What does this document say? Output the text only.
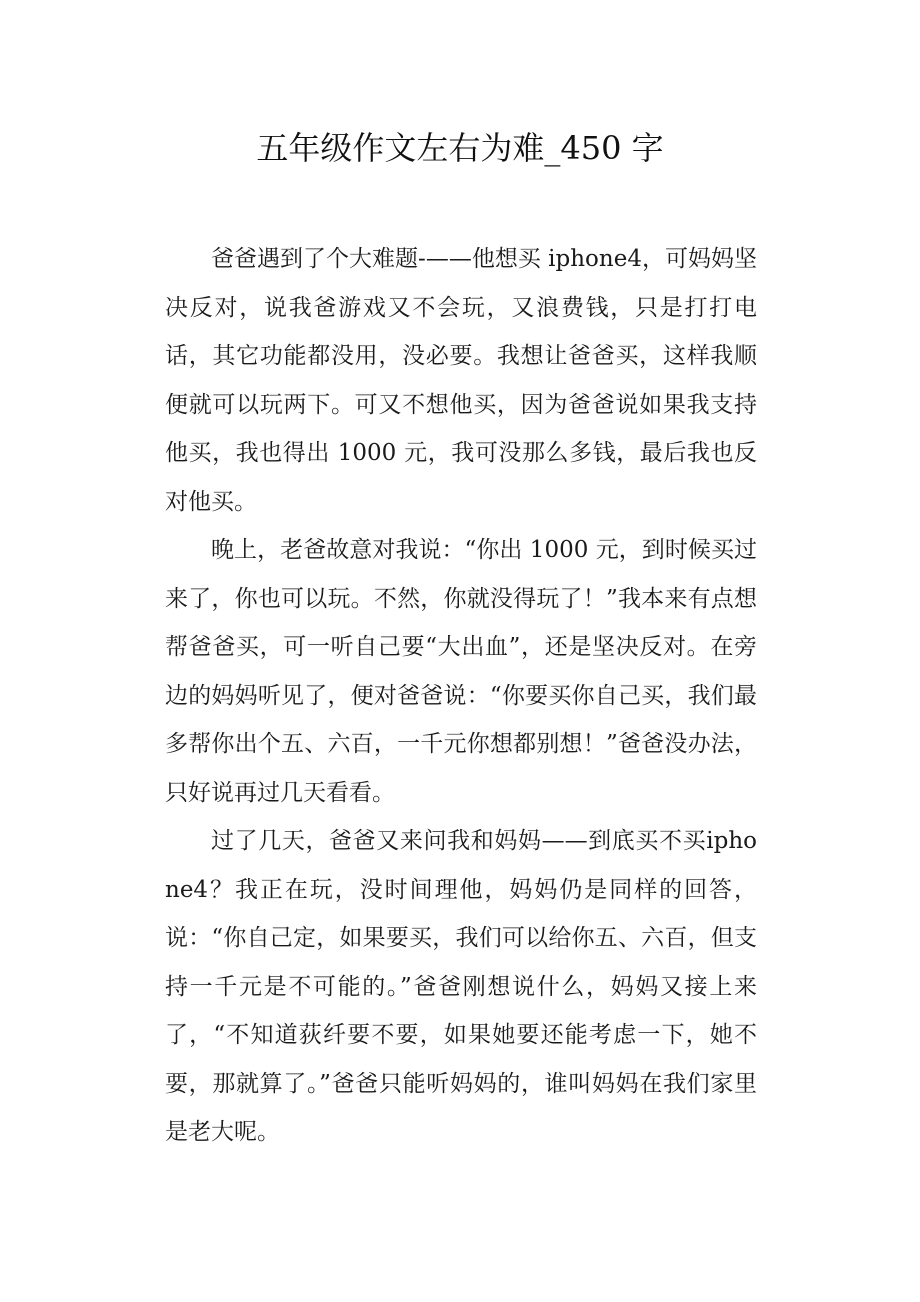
五年级作文左右为难_450 字

爸爸遇到了个大难题-——他想买 iphone4，可妈妈坚决反对，说我爸游戏又不会玩，又浪费钱，只是打打电话，其它功能都没用，没必要。我想让爸爸买，这样我顺便就可以玩两下。可又不想他买，因为爸爸说如果我支持他买，我也得出 1000 元，我可没那么多钱，最后我也反对他买。

晚上，老爸故意对我说：“你出 1000 元，到时候买过来了，你也可以玩。不然，你就没得玩了！”我本来有点想帮爸爸买，可一听自己要“大出血”，还是坚决反对。在旁边的妈妈听见了，便对爸爸说：“你要买你自己买，我们最多帮你出个五、六百，一千元你想都别想！”爸爸没办法，只好说再过几天看看。

过了几天，爸爸又来问我和妈妈——到底买不买iphone4？我正在玩，没时间理他，妈妈仍是同样的回答，说：“你自己定，如果要买，我们可以给你五、六百，但支持一千元是不可能的。”爸爸刚想说什么，妈妈又接上来了，“不知道荻纤要不要，如果她要还能考虑一下，她不要，那就算了。”爸爸只能听妈妈的，谁叫妈妈在我们家里是老大呢。
